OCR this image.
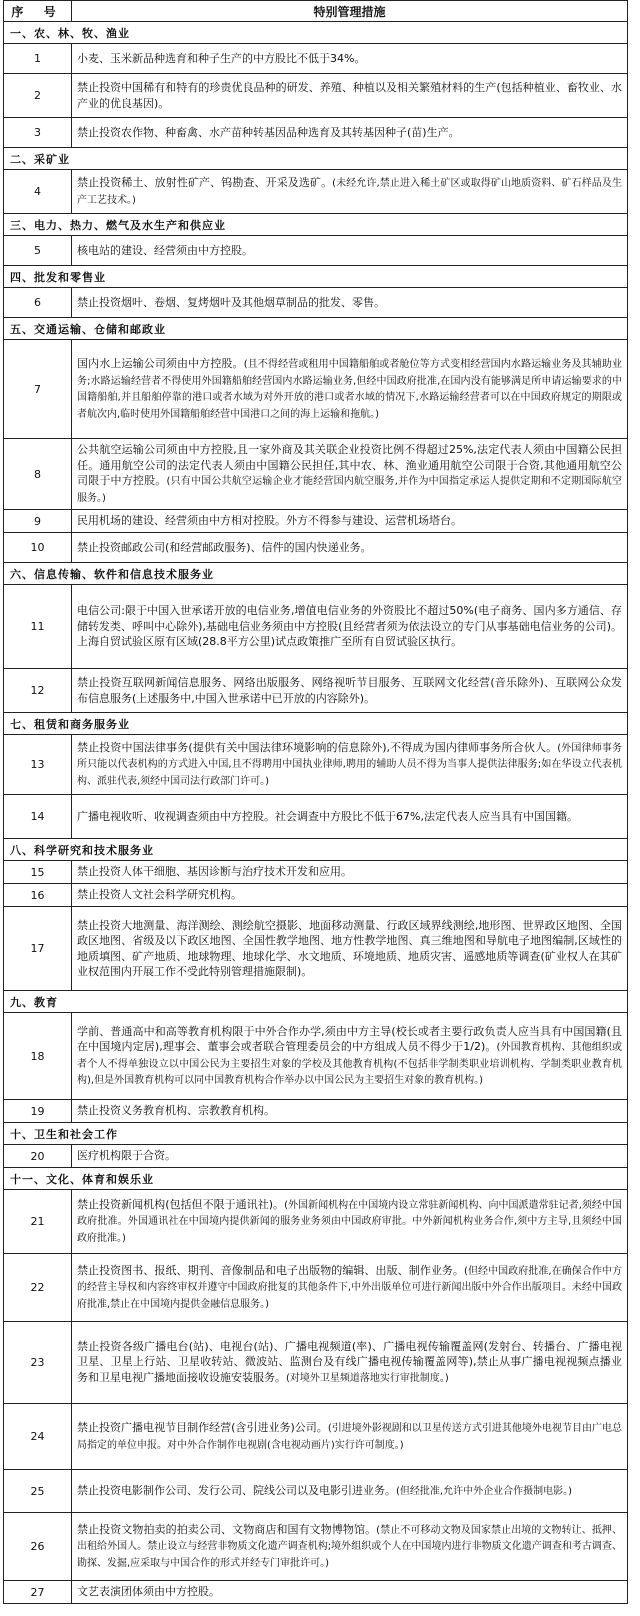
序 号	特别管理措施
一、农、林、牧、渔业	
1	小麦、玉米新品种选育和种子生产的中方股比不低于34%。
2	禁止投资中国稀有和特有的珍贵优良品种的研发、养殖、种植以及相关繁殖材料的生产(包括种植业、畜牧业、水产业的优良基因)。
3	禁止投资农作物、种畜禽、水产苗种转基因品种选育及其转基因种子(苗)生产。
二、采矿业	
4	禁止投资稀土、放射性矿产、钨勘查、开采及选矿。(未经允许,禁止进入稀土矿区或取得矿山地质资料、矿石样品及生产工艺技术。)
三、电力、热力、燃气及水生产和供应业	
5	核电站的建设、经营须由中方控股。
四、批发和零售业	
6	禁止投资烟叶、卷烟、复烤烟叶及其他烟草制品的批发、零售。
五、交通运输、仓储和邮政业	
7	国内水上运输公司须由中方控股。(且不得经营或租用中国籍船舶或者舱位等方式变相经营国内水路运输业务及其辅助业务;水路运输经营者不得使用外国籍船舶经营国内水路运输业务,但经中国政府批准,在国内没有能够满足所申请运输要求的中国籍船舶,并且船舶停靠的港口或者水域为对外开放的港口或者水域的情况下,水路运输经营者可以在中国政府规定的期限或者航次内,临时使用外国籍船舶经营中国港口之间的海上运输和拖航。)
8	公共航空运输公司须由中方控股,且一家外商及其关联企业投资比例不得超过25%,法定代表人须由中国籍公民担任。通用航空公司的法定代表人须由中国籍公民担任,其中农、林、渔业通用航空公司限于合资,其他通用航空公司限于中方控股。(只有中国公共航空运输企业才能经营国内航空服务,并作为中国指定承运人提供定期和不定期国际航空服务。)
9	民用机场的建设、经营须由中方相对控股。外方不得参与建设、运营机场塔台。
10	禁止投资邮政公司(和经营邮政服务)、信件的国内快递业务。
六、信息传输、软件和信息技术服务业	
11	电信公司:限于中国入世承诺开放的电信业务,增值电信业务的外资股比不超过50%(电子商务、国内多方通信、存储转发类、呼叫中心除外),基础电信业务须由中方控股(且经营者须为依法设立的专门从事基础电信业务的公司)。上海自贸试验区原有区域(28.8平方公里)试点政策推广至所有自贸试验区执行。
12	禁止投资互联网新闻信息服务、网络出版服务、网络视听节目服务、互联网文化经营(音乐除外)、互联网公众发布信息服务(上述服务中,中国入世承诺中已开放的内容除外)。
七、租赁和商务服务业	
13	禁止投资中国法律事务(提供有关中国法律环境影响的信息除外),不得成为国内律师事务所合伙人。(外国律师事务所只能以代表机构的方式进入中国,且不得聘用中国执业律师,聘用的辅助人员不得为当事人提供法律服务;如在华设立代表机构、派驻代表,须经中国司法行政部门许可。)
14	广播电视收听、收视调查须由中方控股。社会调查中方股比不低于67%,法定代表人应当具有中国国籍。
八、科学研究和技术服务业	
15	禁止投资人体干细胞、基因诊断与治疗技术开发和应用。
16	禁止投资人文社会科学研究机构。
17	禁止投资大地测量、海洋测绘、测绘航空摄影、地面移动测量、行政区域界线测绘,地形图、世界政区地图、全国政区地图、省级及以下政区地图、全国性教学地图、地方性教学地图、真三维地图和导航电子地图编制,区域性的地质填图、矿产地质、地球物理、地球化学、水文地质、环境地质、地质灾害、遥感地质等调查(矿业权人在其矿业权范围内开展工作不受此特别管理措施限制)。
九、教育	
18	学前、普通高中和高等教育机构限于中外合作办学,须由中方主导(校长或者主要行政负责人应当具有中国国籍(且在中国境内定居),理事会、董事会或者联合管理委员会的中方组成人员不得少于1/2)。(外国教育机构、其他组织或者个人不得单独设立以中国公民为主要招生对象的学校及其他教育机构(不包括非学制类职业培训机构、学制类职业教育机构),但是外国教育机构可以同中国教育机构合作举办以中国公民为主要招生对象的教育机构。)
19	禁止投资义务教育机构、宗教教育机构。
十、卫生和社会工作	
20	医疗机构限于合资。
十一、文化、体育和娱乐业	
21	禁止投资新闻机构(包括但不限于通讯社)。(外国新闻机构在中国境内设立常驻新闻机构、向中国派遣常驻记者,须经中国政府批准。外国通讯社在中国境内提供新闻的服务业务须由中国政府审批。中外新闻机构业务合作,须中方主导,且须经中国政府批准。)
22	禁止投资图书、报纸、期刊、音像制品和电子出版物的编辑、出版、制作业务。(但经中国政府批准,在确保合作中方的经营主导权和内容终审权并遵守中国政府批复的其他条件下,中外出版单位可进行新闻出版中外合作出版项目。未经中国政府批准,禁止在中国境内提供金融信息服务。)
23	禁止投资各级广播电台(站)、电视台(站)、广播电视频道(率)、广播电视传输覆盖网(发射台、转播台、广播电视卫星、卫星上行站、卫星收转站、微波站、监测台及有线广播电视传输覆盖网等),禁止从事广播电视视频点播业务和卫星电视广播地面接收设施安装服务。(对境外卫星频道落地实行审批制度。)
24	禁止投资广播电视节目制作经营(含引进业务)公司。(引进境外影视剧和以卫星传送方式引进其他境外电视节目由广电总局指定的单位申报。对中外合作制作电视剧(含电视动画片)实行许可制度。)
25	禁止投资电影制作公司、发行公司、院线公司以及电影引进业务。(但经批准,允许中外企业合作摄制电影。)
26	禁止投资文物拍卖的拍卖公司、文物商店和国有文物博物馆。(禁止不可移动文物及国家禁止出境的文物转让、抵押、出租给外国人。禁止设立与经营非物质文化遗产调查机构;境外组织或个人在中国境内进行非物质文化遗产调查和考古调查、勘探、发掘,应采取与中国合作的形式并经专门审批许可。)
27	文艺表演团体须由中方控股。
